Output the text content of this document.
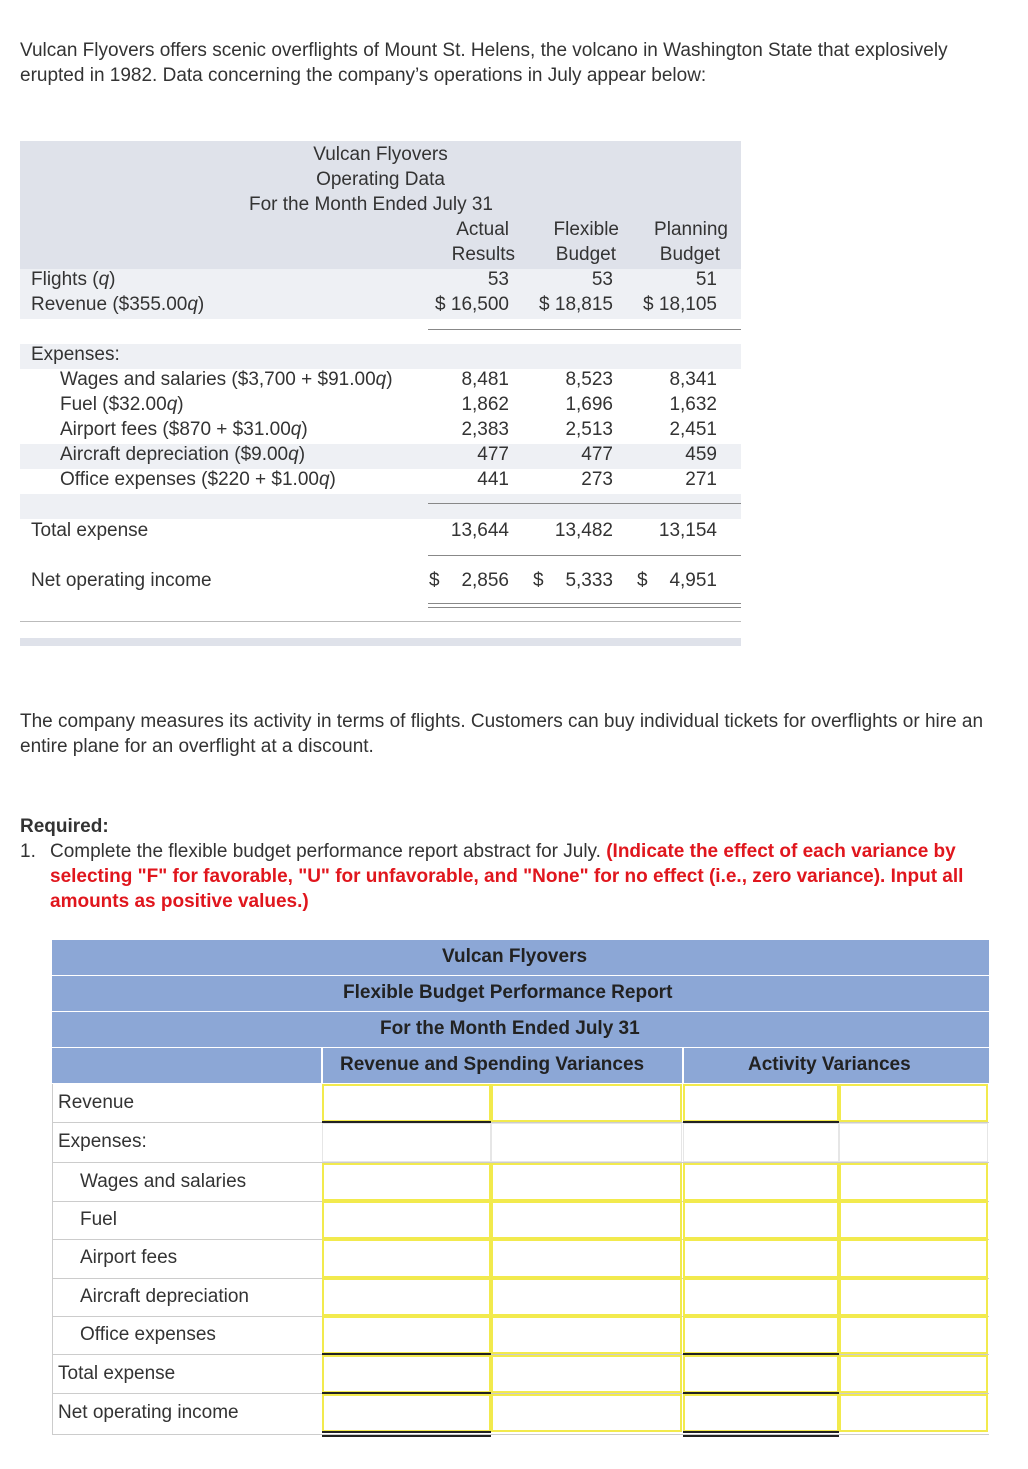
Vulcan Flyovers offers scenic overflights of Mount St. Helens, the volcano in Washington State that explosively erupted in 1982. Data concerning the company’s operations in July appear below:
Vulcan Flyovers
Operating Data
For the Month Ended July 31
Actual
Results
Flexible
Budget
Planning
Budget
Flights (q)	53	53	51
Revenue ($355.00q)	$ 16,500	$ 18,815	$ 18,105
Expenses:
Wages and salaries ($3,700 + $91.00q)	8,481	8,523	8,341
Fuel ($32.00q)	1,862	1,696	1,632
Airport fees ($870 + $31.00q)	2,383	2,513	2,451
Aircraft depreciation ($9.00q)	477	477	459
Office expenses ($220 + $1.00q)	441	273	271
Total expense	13,644	13,482	13,154
Net operating income	$ 2,856 $ 5,333 $ 4,951
The company measures its activity in terms of flights. Customers can buy individual tickets for overflights or hire an entire plane for an overflight at a discount.
Required:
1. Complete the flexible budget performance report abstract for July. (Indicate the effect of each variance by selecting "F" for favorable, "U" for unfavorable, and "None" for no effect (i.e., zero variance). Input all amounts as positive values.)
Vulcan Flyovers
Flexible Budget Performance Report
For the Month Ended July 31
Revenue and Spending Variances	Activity Variances
Revenue
Expenses:
Wages and salaries
Fuel
Airport fees
Aircraft depreciation
Office expenses
Total expense
Net operating income
